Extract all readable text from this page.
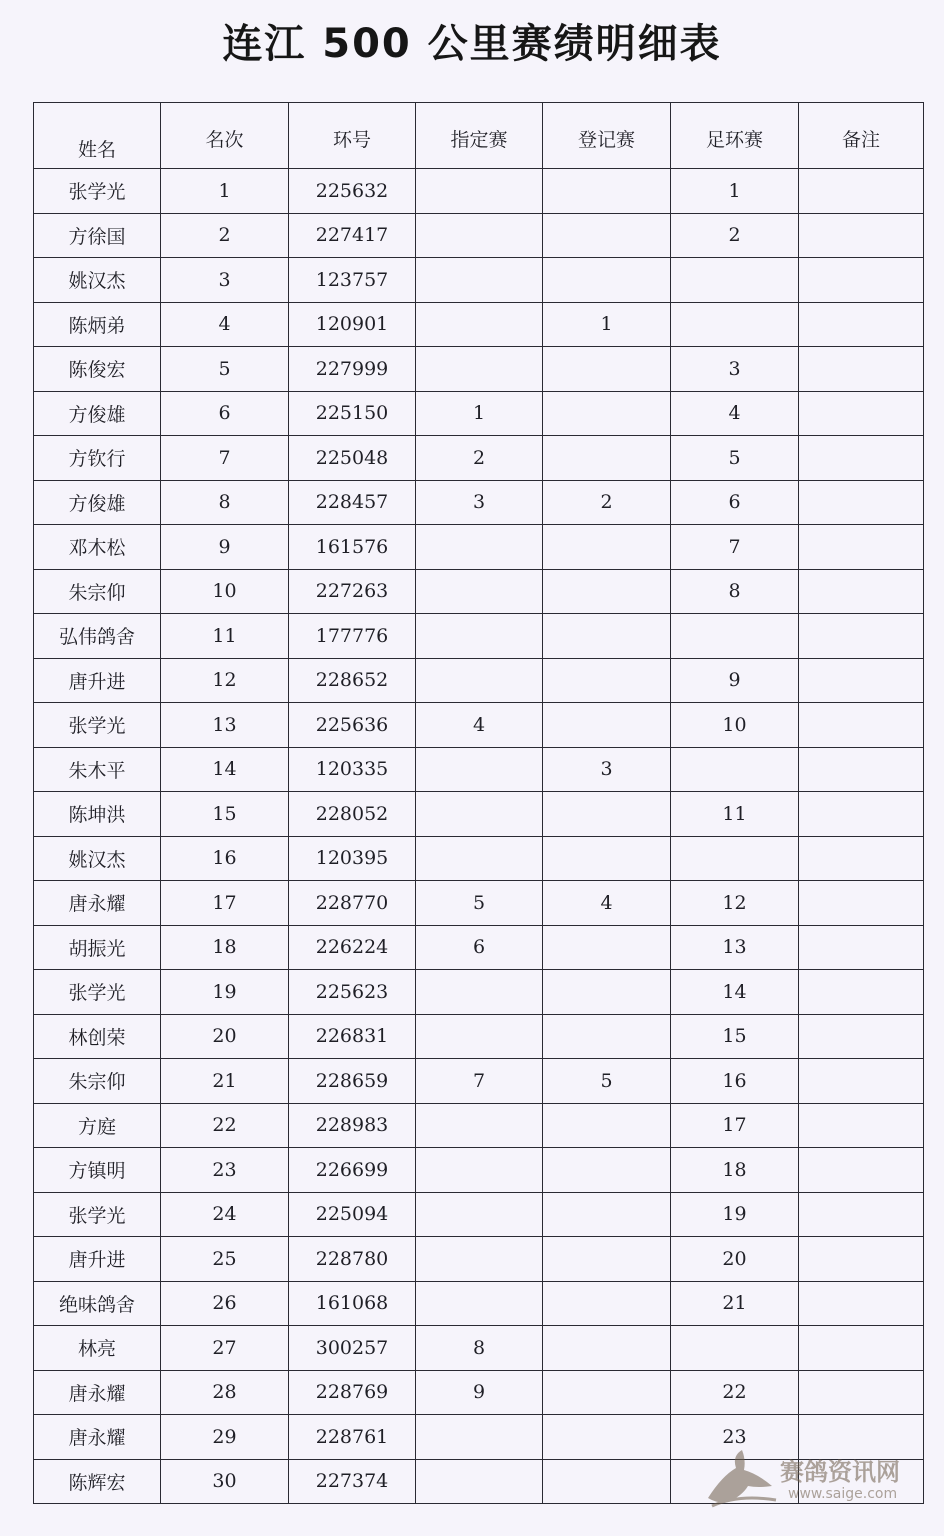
连江 500 公里赛绩明细表
姓名	名次	环号	指定赛	登记赛	足环赛	备注
张学光	1	225632			1	
方徐国	2	227417			2	
姚汉杰	3	123757				
陈炳弟	4	120901		1		
陈俊宏	5	227999			3	
方俊雄	6	225150	1		4	
方钦行	7	225048	2		5	
方俊雄	8	228457	3	2	6	
邓木松	9	161576			7	
朱宗仰	10	227263			8	
弘伟鸽舍	11	177776				
唐升进	12	228652			9	
张学光	13	225636	4		10	
朱木平	14	120335		3		
陈坤洪	15	228052			11	
姚汉杰	16	120395				
唐永耀	17	228770	5	4	12	
胡振光	18	226224	6		13	
张学光	19	225623			14	
林创荣	20	226831			15	
朱宗仰	21	228659	7	5	16	
方庭	22	228983			17	
方镇明	23	226699			18	
张学光	24	225094			19	
唐升进	25	228780			20	
绝味鸽舍	26	161068			21	
林亮	27	300257	8			
唐永耀	28	228769	9		22	
唐永耀	29	228761			23	
陈辉宏	30	227374					赛鸽资讯网
www.saige.com
